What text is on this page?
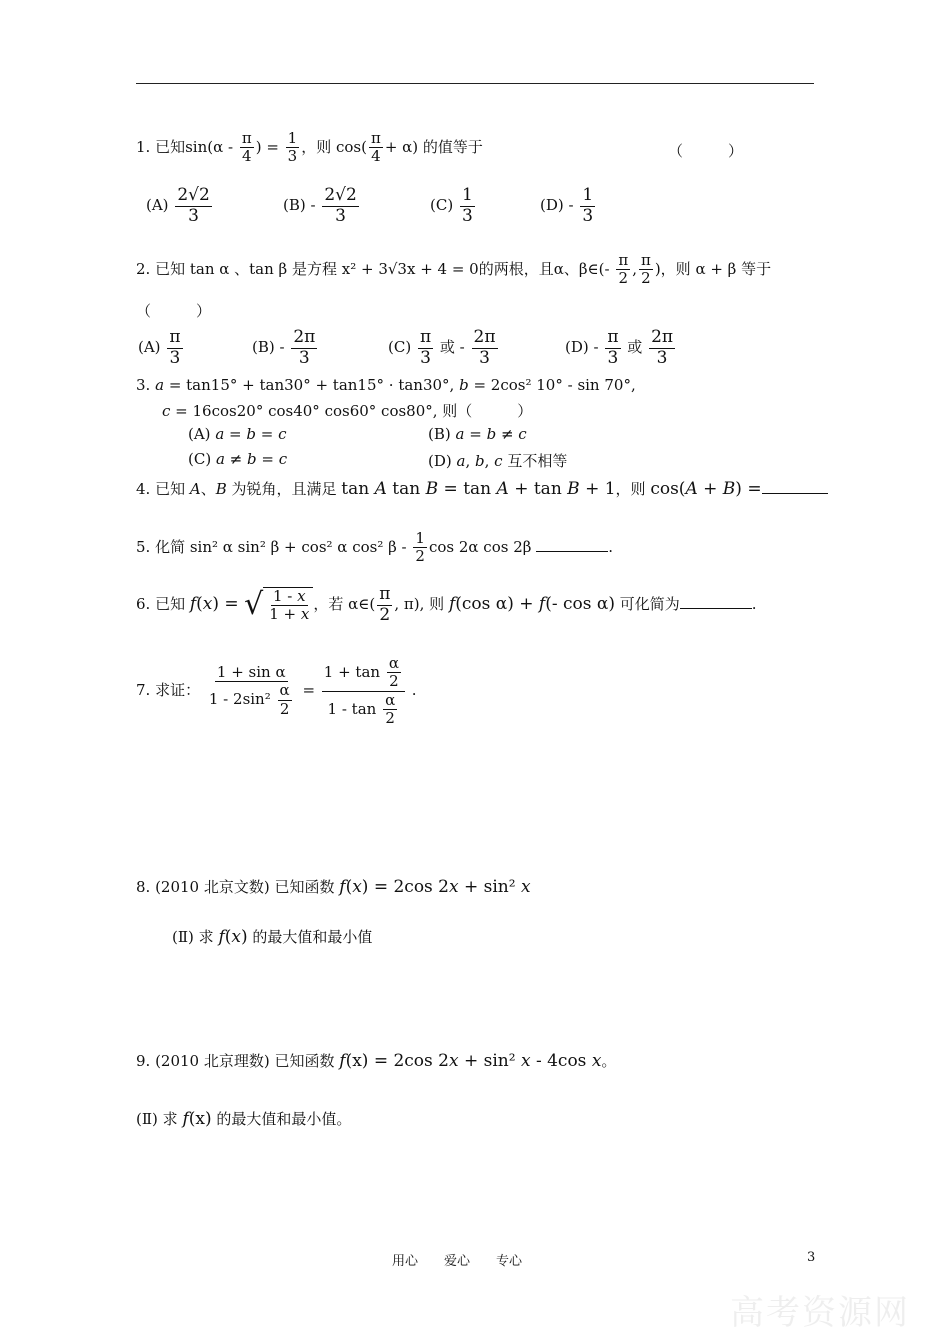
1. 已知$\sin(\alpha - \frac{\pi}{4}$ ) = $\frac{1}{3}$ ，则 $\cos( \frac{\pi}{4} + \alpha)$ 的值等于	（　　　）
$(A) \frac{2√2}{3}$	$(B) - \frac{2√2}{3}$	$(C) \frac{1}{3}$	$(D) - \frac{1}{3}$
2. 已知 tan α 、tan β 是方程 x² + 3√3x + 4 = 0的两根，且α、β∈(- $\frac{\pi}{2}$ , $\frac{\pi}{2}$ )，则 α + β 等于
（　　　）
$(A) \frac{\pi}{3}$	$(B) - \frac{2\pi}{3}$	$(C) \frac{\pi}{3}$ 或 - $\frac{2\pi}{3}$	$(D) - \frac{\pi}{3}$ 或 $\frac{2\pi}{3}$
3. a = tan15° + tan30° + tan15° · tan30°, b = 2cos² 10° - sin 70°,
c = 16cos20° cos40° cos60° cos80°, 则（　　　）
(A) a = b = c	(B) a = b ≠ c
(C) a ≠ b = c	(D) a, b, c 互不相等
4. 已知 A、B 为锐角，且满足 tan A tan B = tan A + tan B + 1，则 cos(A + B) =
5. 化简 sin² α sin² β + cos² α cos² β - $\frac{1}{2}$ cos 2α cos 2β	.
6. 已知 f(x) = √ $\frac{1 - x}{1 + x}$ ，若 α∈( $\frac{\pi}{2}$ , π), 则 f(cos α) + f(- cos α) 可化简为	.
7. 求证： $\frac{\text{1 + sin α}}{1 - 2\sin^2 \frac{\alpha}{2}} = \frac{1 + \tan \frac{\alpha}{2}}{1 - \tan \frac{\alpha}{2}}$ .
8. (2010 北京文数) 已知函数 f(x) = 2cos 2x + sin² x
(Ⅱ) 求 f(x) 的最大值和最小值
9. (2010 北京理数) 已知函数 f(x) = 2cos 2x + sin² x - 4cos x。
(Ⅱ) 求 f(x) 的最大值和最小值。
用心　　爱心　　专心	3
高考资源网
